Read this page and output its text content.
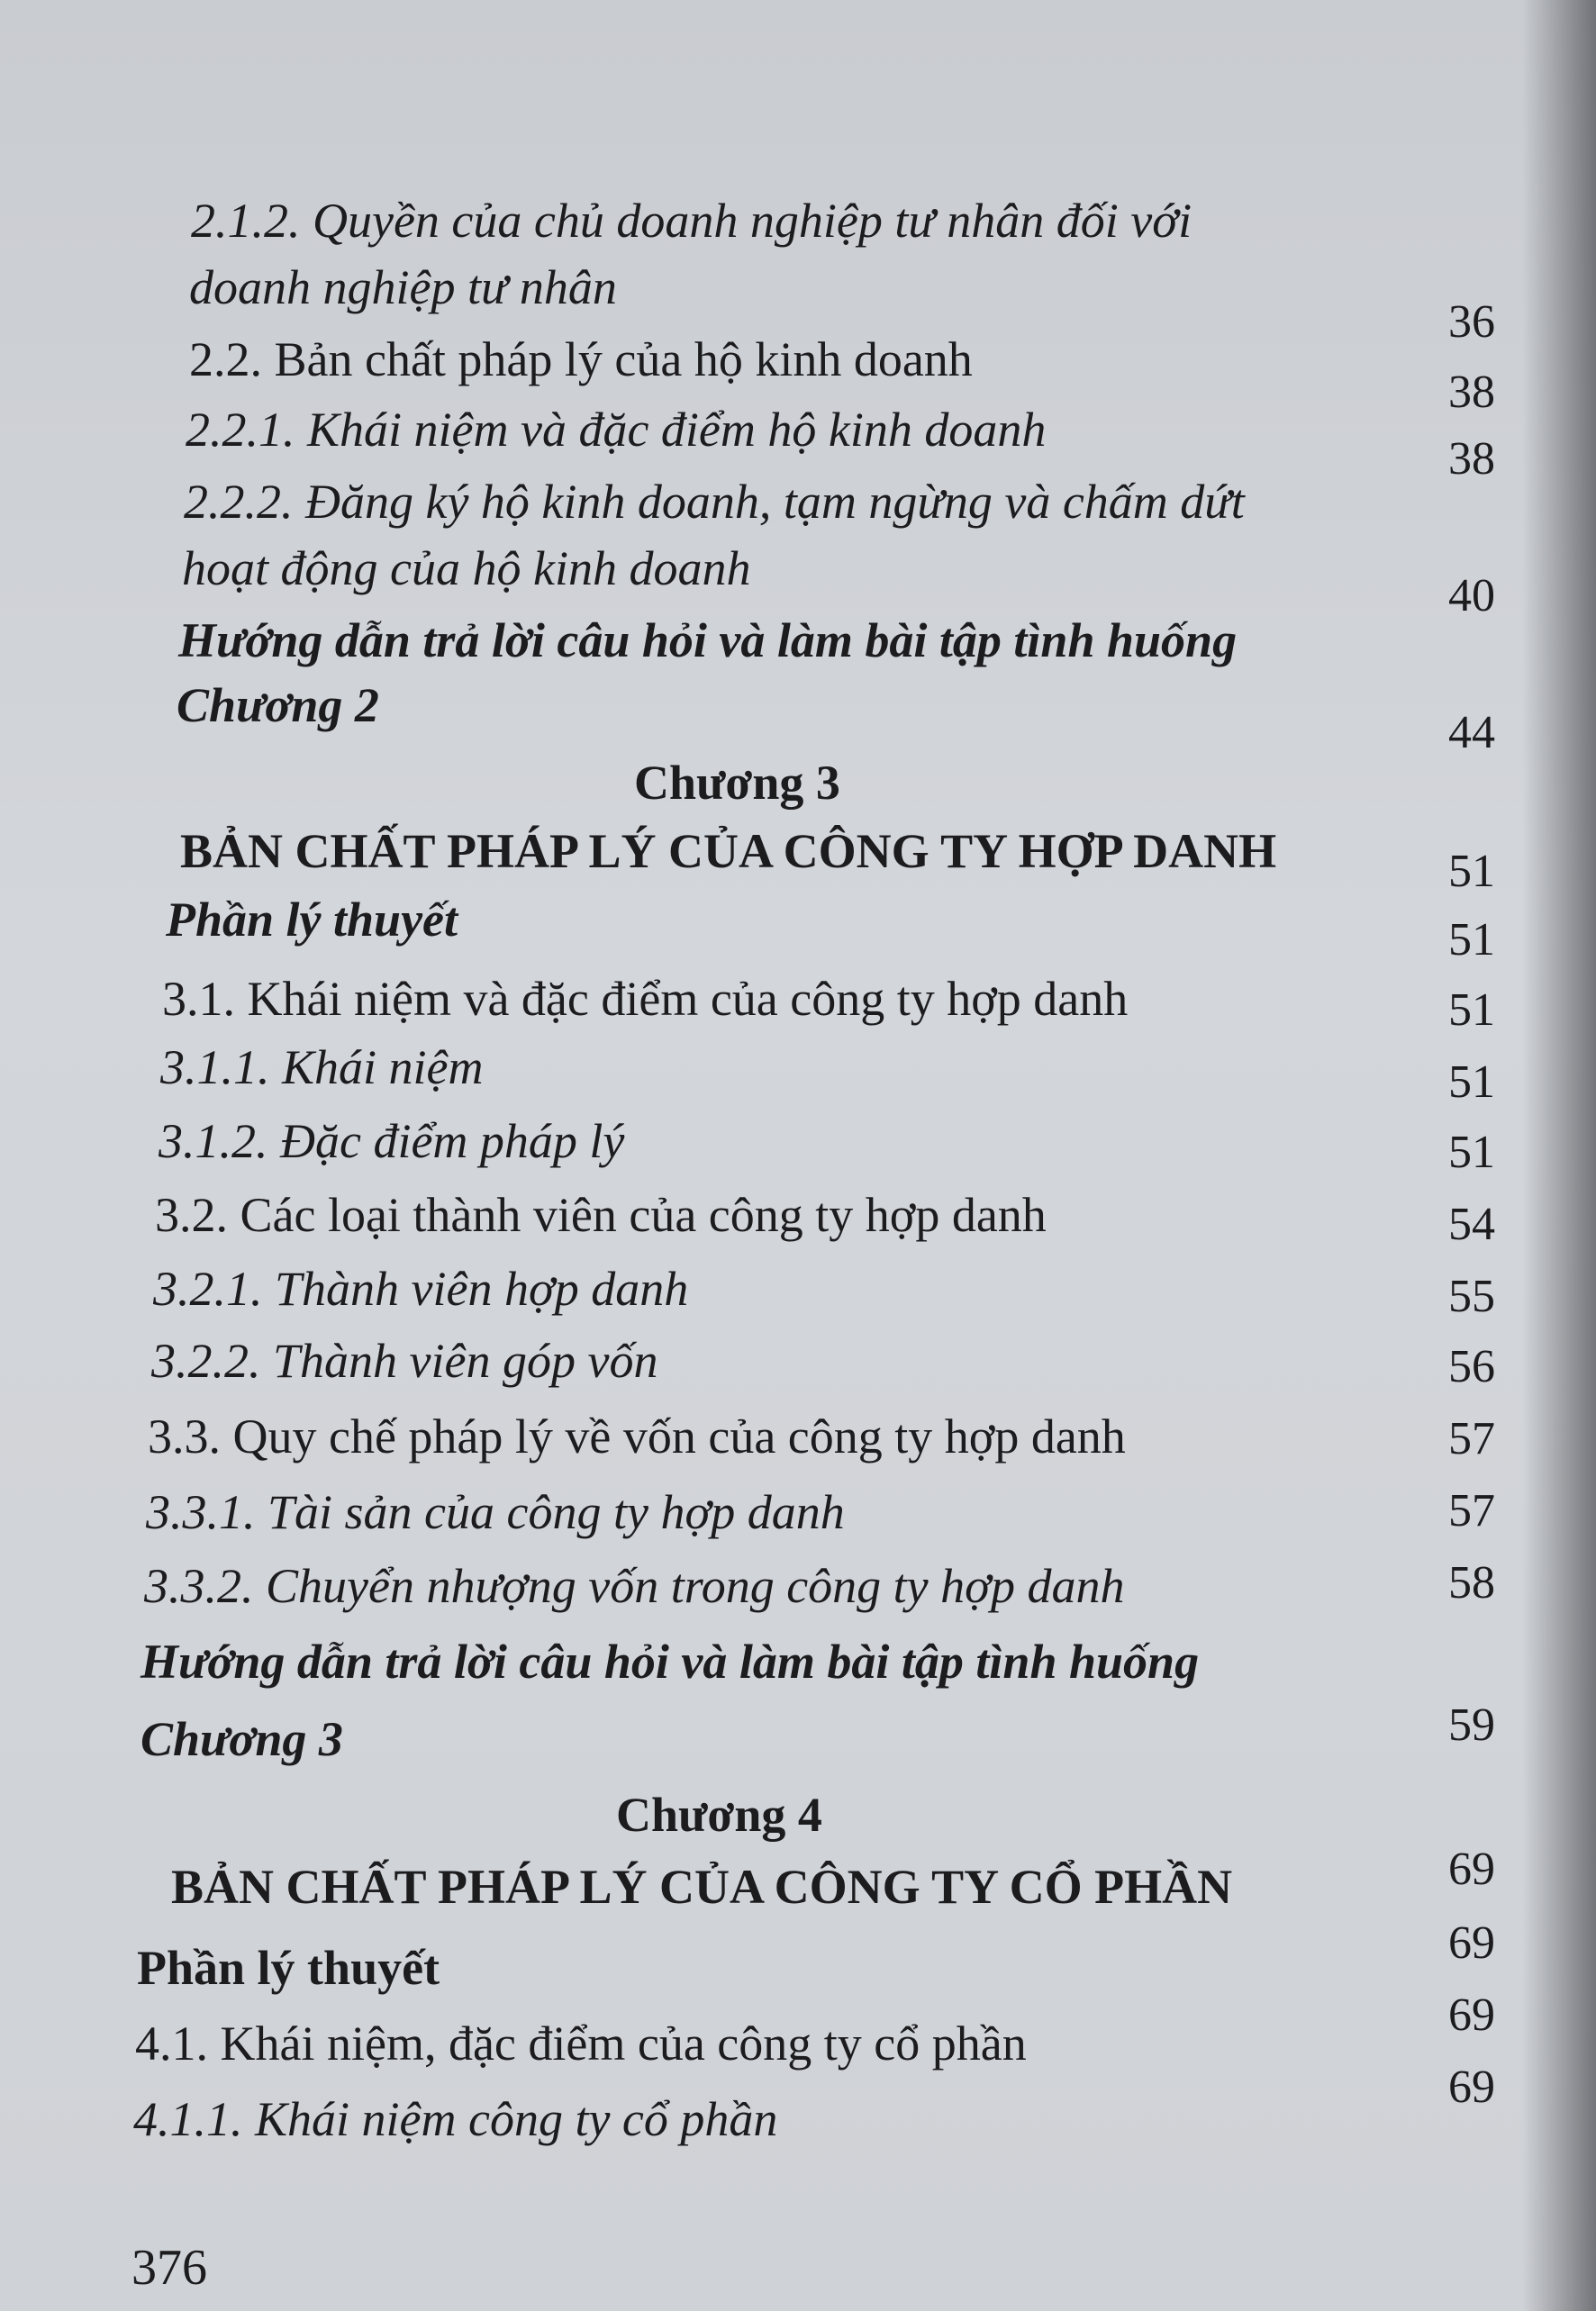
2.1.2. Quyền của chủ doanh nghiệp tư nhân đối với
doanh nghiệp tư nhân
2.2. Bản chất pháp lý của hộ kinh doanh
2.2.1. Khái niệm và đặc điểm hộ kinh doanh
2.2.2. Đăng ký hộ kinh doanh, tạm ngừng và chấm dứt
hoạt động của hộ kinh doanh
Hướng dẫn trả lời câu hỏi và làm bài tập tình huống
Chương 2
Chương 3
BẢN CHẤT PHÁP LÝ CỦA CÔNG TY HỢP DANH
Phần lý thuyết
3.1. Khái niệm và đặc điểm của công ty hợp danh
3.1.1. Khái niệm
3.1.2. Đặc điểm pháp lý
3.2. Các loại thành viên của công ty hợp danh
3.2.1. Thành viên hợp danh
3.2.2. Thành viên góp vốn
3.3. Quy chế pháp lý về vốn của công ty hợp danh
3.3.1. Tài sản của công ty hợp danh
3.3.2. Chuyển nhượng vốn trong công ty hợp danh
Hướng dẫn trả lời câu hỏi và làm bài tập tình huống
Chương 3
Chương 4
BẢN CHẤT PHÁP LÝ CỦA CÔNG TY CỔ PHẦN
Phần lý thuyết
4.1. Khái niệm, đặc điểm của công ty cổ phần
4.1.1. Khái niệm công ty cổ phần
36
38
38
40
44
51
51
51
51
51
54
55
56
57
57
58
59
69
69
69
69
376
